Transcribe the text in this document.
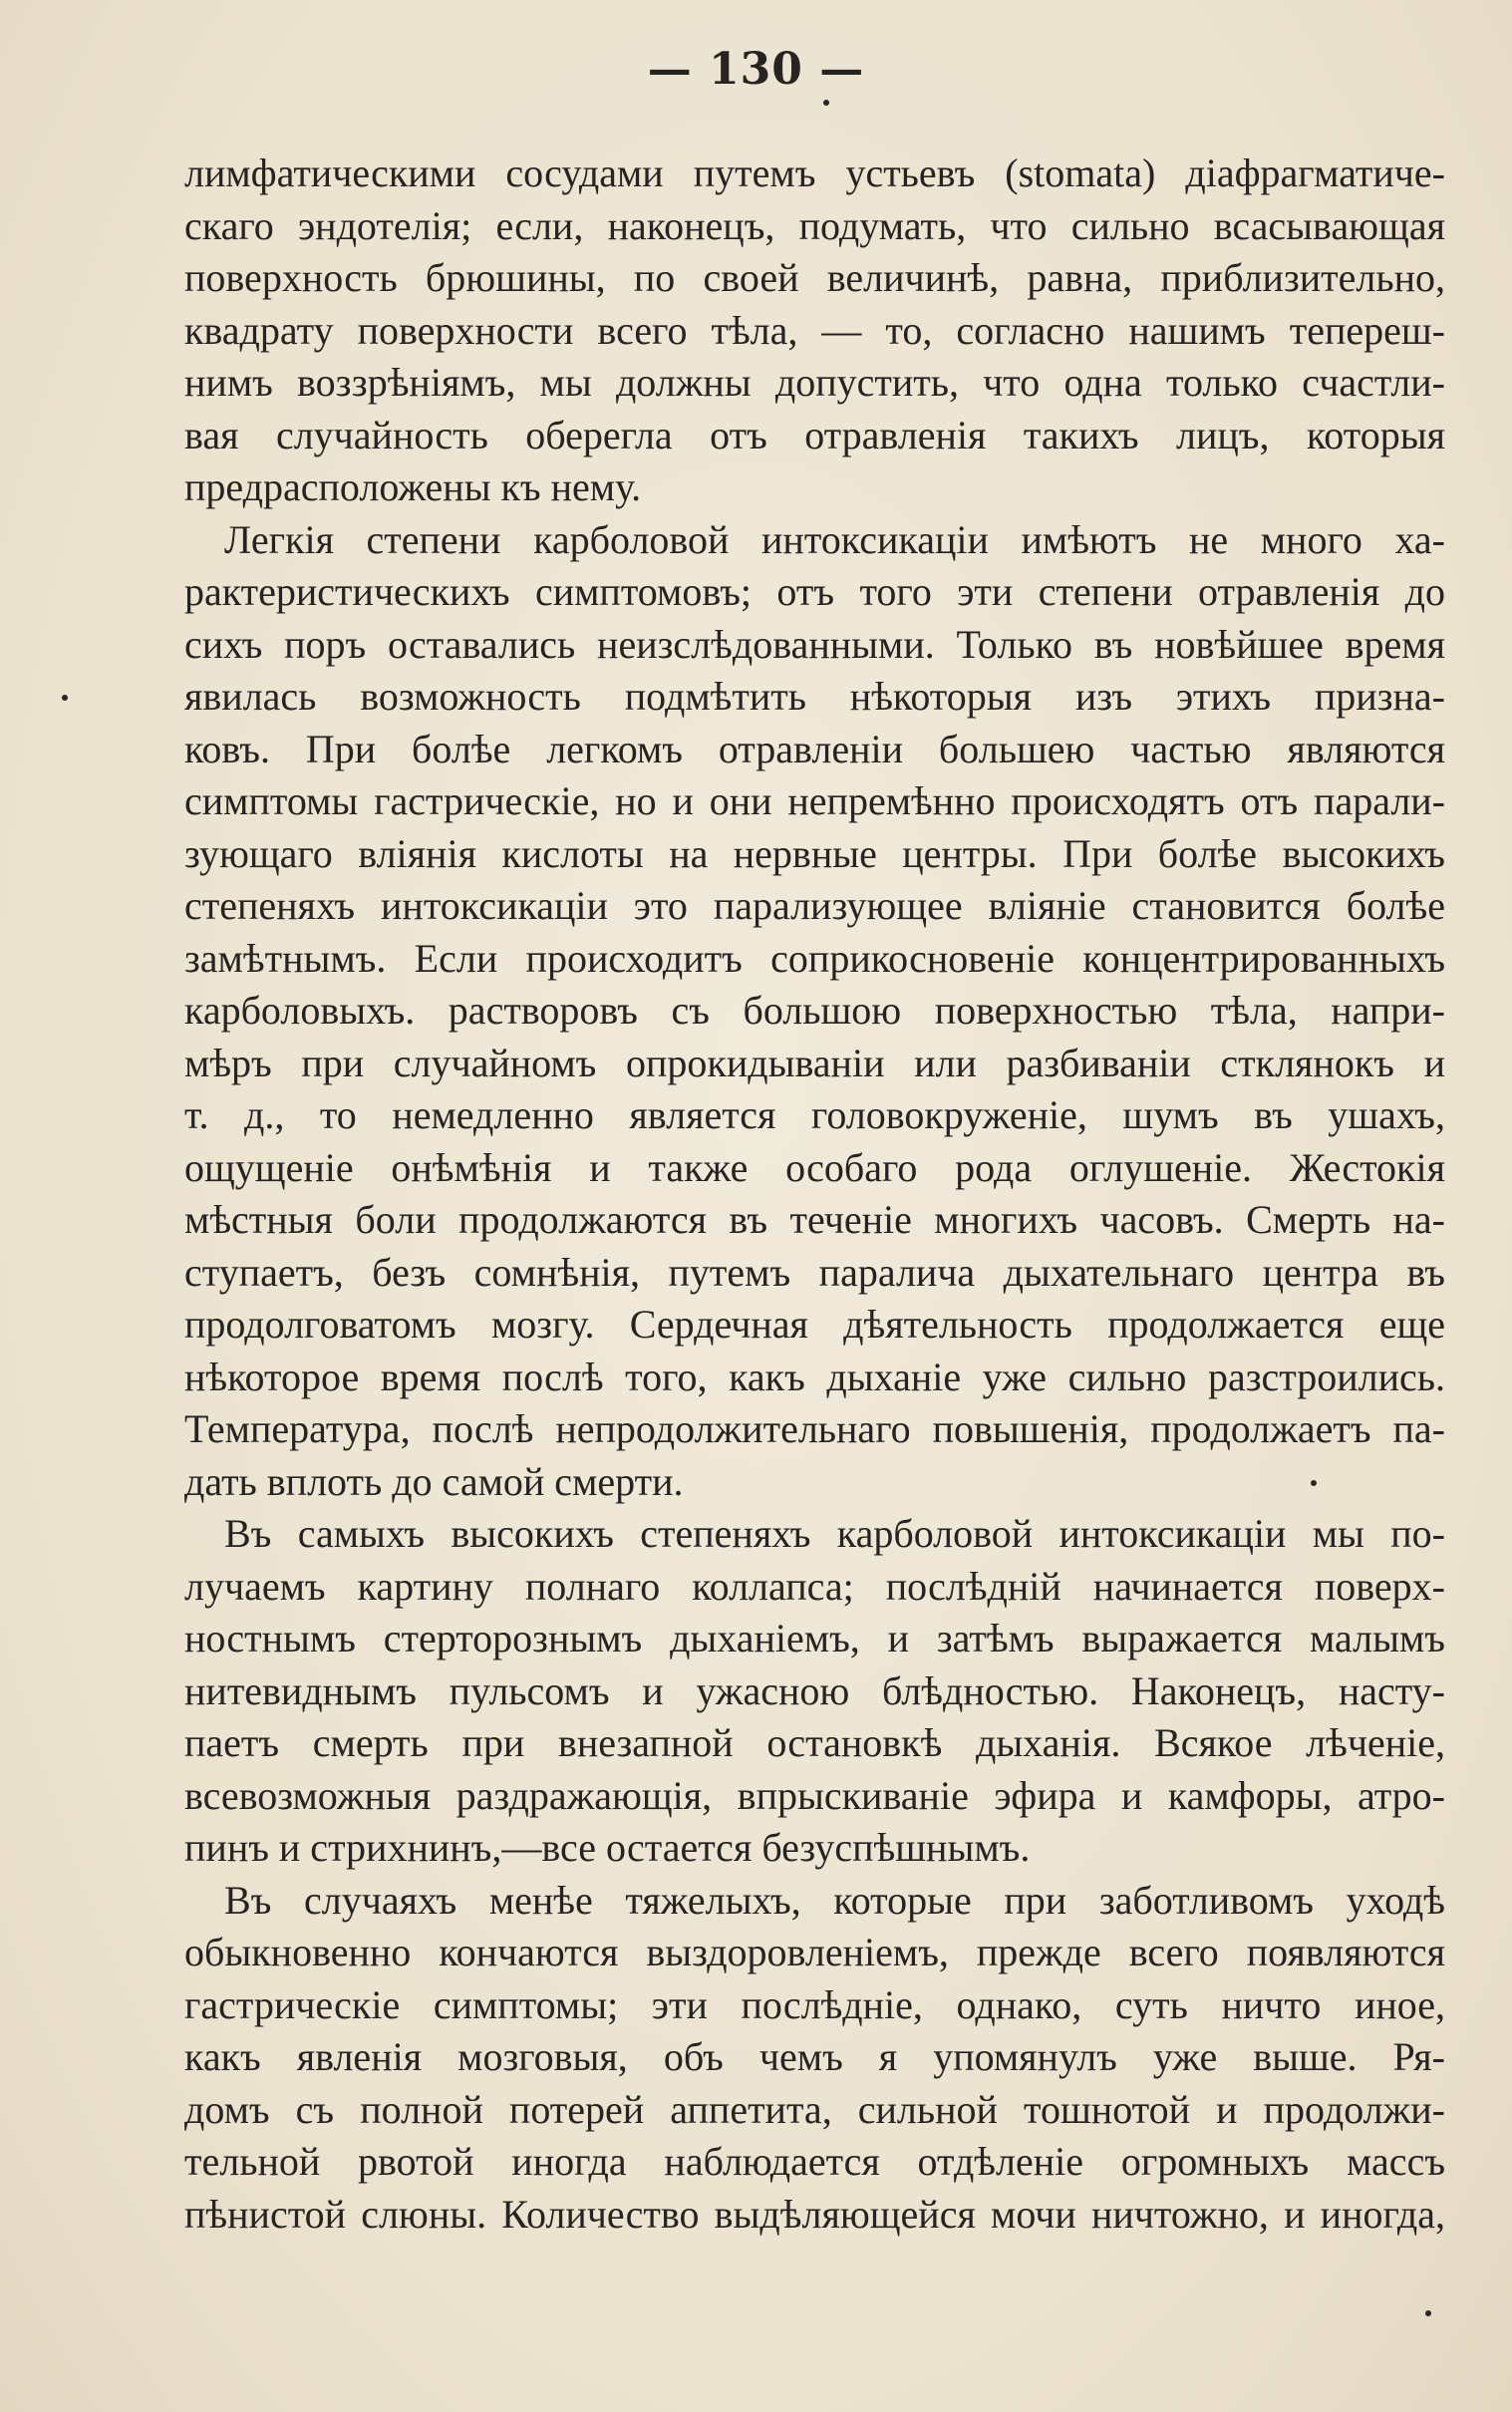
— 130 —
лимфатическими сосудами путемъ устьевъ (stomata) діафрагматиче-
скаго эндотелія; если, наконецъ, подумать, что сильно всасывающая
поверхность брюшины, по своей величинѣ, равна, приблизительно,
квадрату поверхности всего тѣла, — то, согласно нашимъ тепереш-
нимъ воззрѣніямъ, мы должны допустить, что одна только счастли-
вая случайность оберегла отъ отравленія такихъ лицъ, которыя
предрасположены къ нему.
Легкія степени карболовой интоксикаціи имѣютъ не много ха-
рактеристическихъ симптомовъ; отъ того эти степени отравленія до
сихъ поръ оставались неизслѣдованными. Только въ новѣйшее время
явилась возможность подмѣтить нѣкоторыя изъ этихъ призна-
ковъ. При болѣе легкомъ отравленіи большею частью являются
симптомы гастрическіе, но и они непремѣнно происходятъ отъ парали-
зующаго вліянія кислоты на нервные центры. При болѣе высокихъ
степеняхъ интоксикаціи это парализующее вліяніе становится болѣе
замѣтнымъ. Если происходитъ соприкосновеніе концентрированныхъ
карболовыхъ. растворовъ съ большою поверхностью тѣла, напри-
мѣръ при случайномъ опрокидываніи или разбиваніи стклянокъ и
т. д., то немедленно является головокруженіе, шумъ въ ушахъ,
ощущеніе онѣмѣнія и также особаго рода оглушеніе. Жестокія
мѣстныя боли продолжаются въ теченіе многихъ часовъ. Смерть на-
ступаетъ, безъ сомнѣнія, путемъ паралича дыхательнаго центра въ
продолговатомъ мозгу. Сердечная дѣятельность продолжается еще
нѣкоторое время послѣ того, какъ дыханіе уже сильно разстроились.
Температура, послѣ непродолжительнаго повышенія, продолжаетъ па-
дать вплоть до самой смерти.
Въ самыхъ высокихъ степеняхъ карболовой интоксикаціи мы по-
лучаемъ картину полнаго коллапса; послѣдній начинается поверх-
ностнымъ стерторознымъ дыханіемъ, и затѣмъ выражается малымъ
нитевиднымъ пульсомъ и ужасною блѣдностью. Наконецъ, насту-
паетъ смерть при внезапной остановкѣ дыханія. Всякое лѣченіе,
всевозможныя раздражающія, впрыскиваніе эфира и камфоры, атро-
пинъ и стрихнинъ,—все остается безуспѣшнымъ.
Въ случаяхъ менѣе тяжелыхъ, которые при заботливомъ уходѣ
обыкновенно кончаются выздоровленіемъ, прежде всего появляются
гастрическіе симптомы; эти послѣдніе, однако, суть ничто иное,
какъ явленія мозговыя, объ чемъ я упомянулъ уже выше. Ря-
домъ съ полной потерей аппетита, сильной тошнотой и продолжи-
тельной рвотой иногда наблюдается отдѣленіе огромныхъ массъ
пѣнистой слюны. Количество выдѣляющейся мочи ничтожно, и иногда,
